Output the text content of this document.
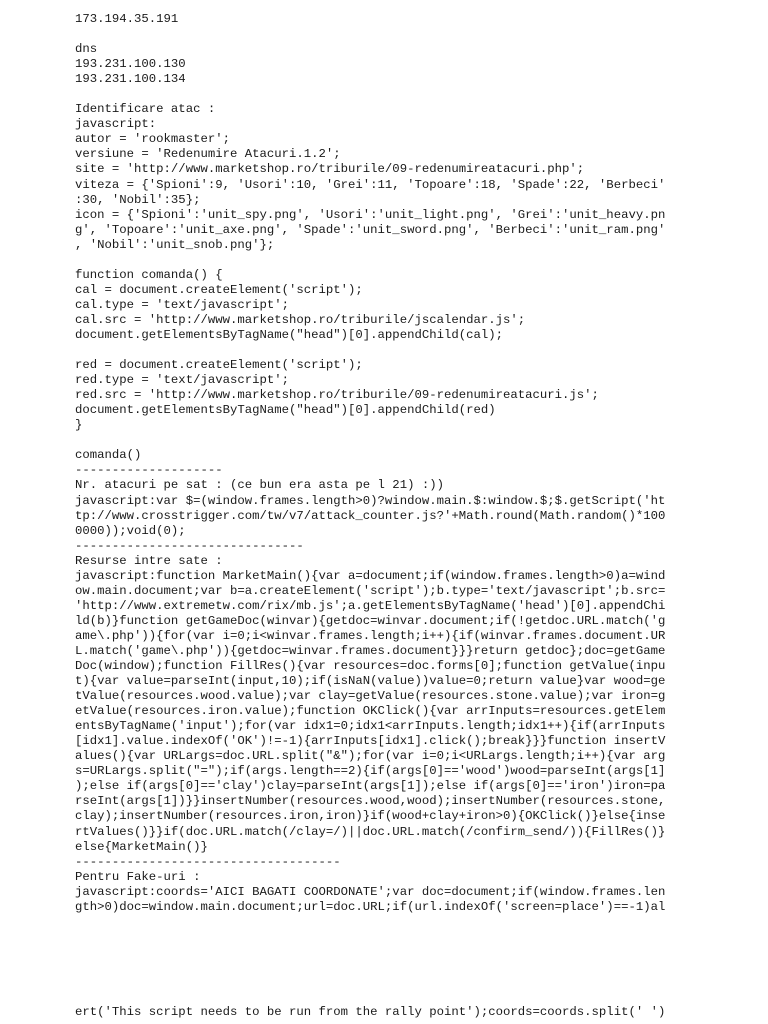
173.194.35.191

dns
193.231.100.130
193.231.100.134

Identificare atac :
javascript:
autor = 'rookmaster';
versiune = 'Redenumire Atacuri.1.2';
site = 'http://www.marketshop.ro/triburile/09-redenumireatacuri.php';
viteza = {'Spioni':9, 'Usori':10, 'Grei':11, 'Topoare':18, 'Spade':22, 'Berbeci'
:30, 'Nobil':35};
icon = {'Spioni':'unit_spy.png', 'Usori':'unit_light.png', 'Grei':'unit_heavy.pn
g', 'Topoare':'unit_axe.png', 'Spade':'unit_sword.png', 'Berbeci':'unit_ram.png'
, 'Nobil':'unit_snob.png'};

function comanda() {
cal = document.createElement('script');
cal.type = 'text/javascript';
cal.src = 'http://www.marketshop.ro/triburile/jscalendar.js';
document.getElementsByTagName("head")[0].appendChild(cal);

red = document.createElement('script');
red.type = 'text/javascript';
red.src = 'http://www.marketshop.ro/triburile/09-redenumireatacuri.js';
document.getElementsByTagName("head")[0].appendChild(red)
}

comanda()
--------------------
Nr. atacuri pe sat : (ce bun era asta pe l 21) :))
javascript:var $=(window.frames.length>0)?window.main.$:window.$;$.getScript('ht
tp://www.crosstrigger.com/tw/v7/attack_counter.js?'+Math.round(Math.random()*100
0000));void(0);
-------------------------------
Resurse intre sate :
javascript:function MarketMain(){var a=document;if(window.frames.length>0)a=wind
ow.main.document;var b=a.createElement('script');b.type='text/javascript';b.src=
'http://www.extremetw.com/rix/mb.js';a.getElementsByTagName('head')[0].appendChi
ld(b)}function getGameDoc(winvar){getdoc=winvar.document;if(!getdoc.URL.match('g
ame\.php')){for(var i=0;i<winvar.frames.length;i++){if(winvar.frames.document.UR
L.match('game\.php')){getdoc=winvar.frames.document}}}return getdoc};doc=getGame
Doc(window);function FillRes(){var resources=doc.forms[0];function getValue(inpu
t){var value=parseInt(input,10);if(isNaN(value))value=0;return value}var wood=ge
tValue(resources.wood.value);var clay=getValue(resources.stone.value);var iron=g
etValue(resources.iron.value);function OKClick(){var arrInputs=resources.getElem
entsByTagName('input');for(var idx1=0;idx1<arrInputs.length;idx1++){if(arrInputs
[idx1].value.indexOf('OK')!=-1){arrInputs[idx1].click();break}}}function insertV
alues(){var URLargs=doc.URL.split("&");for(var i=0;i<URLargs.length;i++){var arg
s=URLargs.split("=");if(args.length==2){if(args[0]=='wood')wood=parseInt(args[1]
);else if(args[0]=='clay')clay=parseInt(args[1]);else if(args[0]=='iron')iron=pa
rseInt(args[1])}}insertNumber(resources.wood,wood);insertNumber(resources.stone,
clay);insertNumber(resources.iron,iron)}if(wood+clay+iron>0){OKClick()}else{inse
rtValues()}}if(doc.URL.match(/clay=/)||doc.URL.match(/confirm_send/)){FillRes()}
else{MarketMain()}
------------------------------------
Pentru Fake-uri :
javascript:coords='AICI BAGATI COORDONATE';var doc=document;if(window.frames.len
gth>0)doc=window.main.document;url=doc.URL;if(url.indexOf('screen=place')==-1)al

ert('This script needs to be run from the rally point');coords=coords.split(' ')
